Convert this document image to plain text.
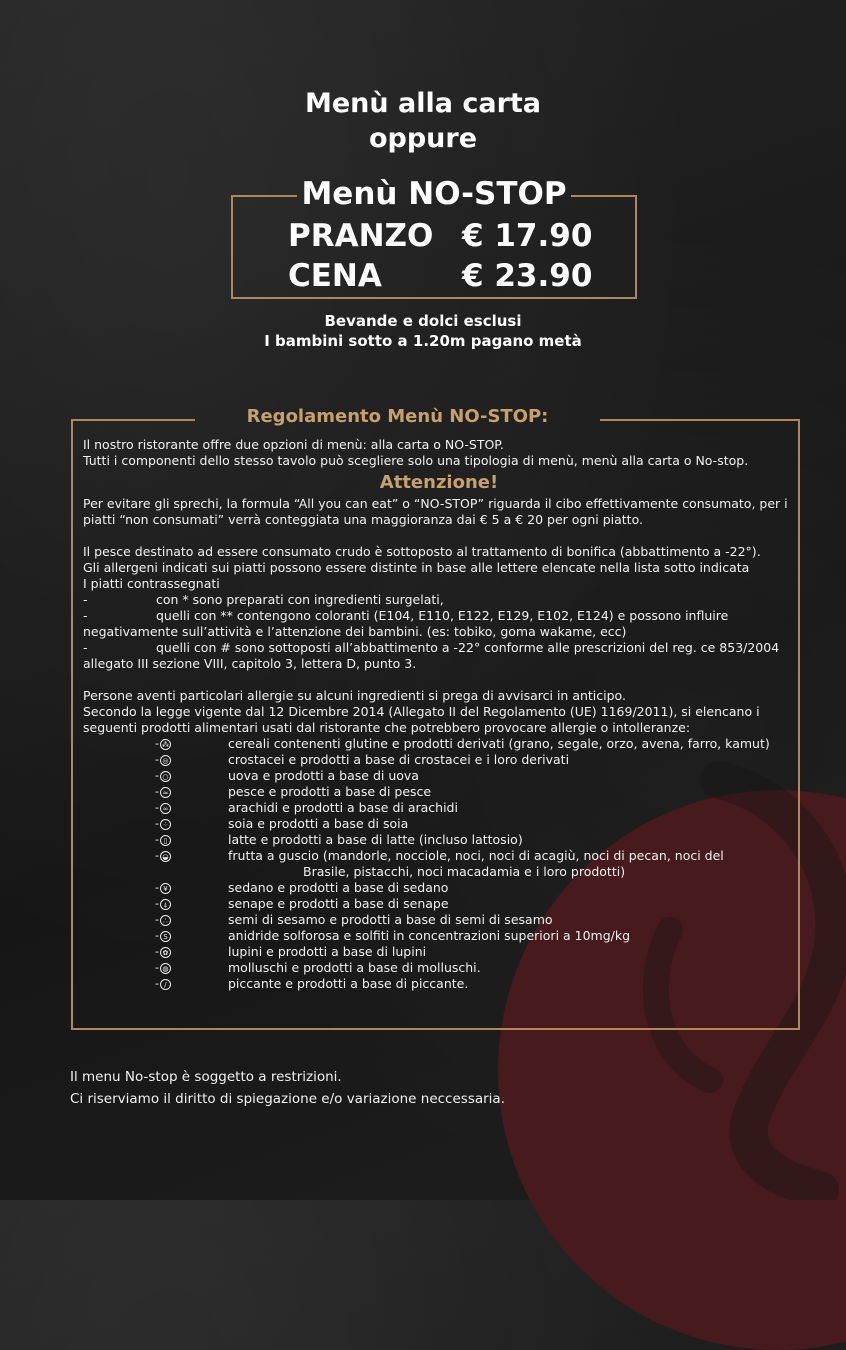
Menù alla carta
oppure
Menù NO-STOP
PRANZO € 17.90
CENA	€ 23.90
Bevande e dolci esclusi
I bambini sotto a 1.20m pagano metà
Regolamento Menù NO-STOP:

Il nostro ristorante offre due opzioni di menù: alla carta o NO-STOP.

Tutti i componenti dello stesso tavolo può scegliere solo una tipologia di menù, menù alla carta o No-stop.

Attenzione!

Per evitare gli sprechi, la formula “All you can eat” o “NO-STOP” riguarda il cibo effettivamente consumato, per i piatti “non consumati” verrà conteggiata una maggioranza dai € 5 a € 20 per ogni piatto.

Il pesce destinato ad essere consumato crudo è sottoposto al trattamento di bonifica (abbattimento a -22°).

Gli allergeni indicati sui piatti possono essere distinte in base alle lettere elencate nella lista sotto indicata

I piatti contrassegnati

-	con * sono preparati con ingredienti surgelati,

-	quelli con ** contengono coloranti (E104, E110, E122, E129, E102, E124) e possono influire negativamente sull’attività e l’attenzione dei bambini. (es: tobiko, goma wakame, ecc)

-	quelli con # sono sottoposti all’abbattimento a -22° conforme alle prescrizioni del reg. ce 853/2004 allegato III sezione VIII, capitolo 3, lettera D, punto 3.

Persone aventi particolari allergie su alcuni ingredienti si prega di avvisarci in anticipo.

Secondo la legge vigente dal 12 Dicembre 2014 (Allegato II del Regolamento (UE) 1169/2011), si elencano i seguenti prodotti alimentari usati dal ristorante che potrebbero provocare allergie o intolleranze:

- ⁂	cereali contenenti glutine e prodotti derivati (grano, segale, orzo, avena, farro, kamut)
- ◎	crostacei e prodotti a base di crostacei e i loro derivati
- ○	uova e prodotti a base di uova
- ≈	pesce e prodotti a base di pesce
- ∞	arachidi e prodotti a base di arachidi
- ⁘	soia e prodotti a base di soia
- ▯	latte e prodotti a base di latte (incluso lattosio)
- ◒	frutta a guscio (mandorle, nocciole, noci, noci di acagiù, noci di pecan, noci del
Brasile, pistacchi, noci macadamia e i loro prodotti)
- ¥	sedano e prodotti a base di sedano
- ⍋	senape e prodotti a base di senape
- ∴	semi di sesamo e prodotti a base di semi di sesamo
- S	anidride solforosa e solfiti in concentrazioni superiori a 10mg/kg
- ✿	lupini e prodotti a base di lupini
- ◍	molluschi e prodotti a base di molluschi.
- ∕	piccante e prodotti a base di piccante.

Il menu No-stop è soggetto a restrizioni.

Ci riserviamo il diritto di spiegazione e/o variazione neccessaria.
